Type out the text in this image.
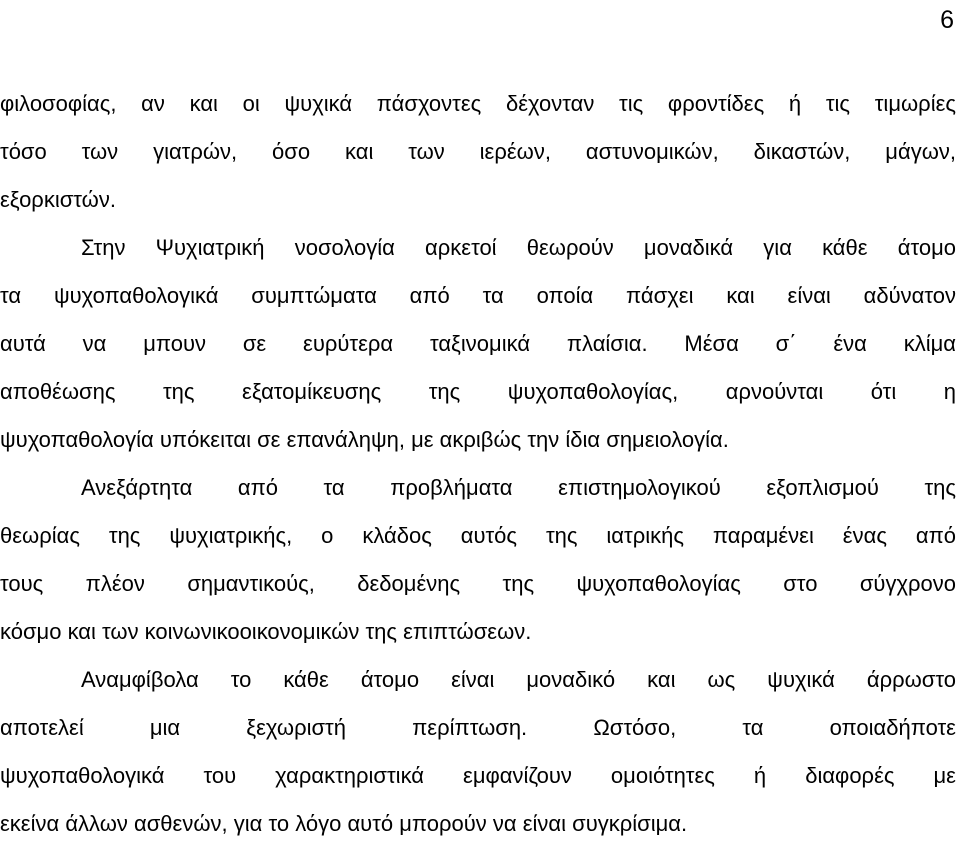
6
φιλοσοφίας, αν και οι ψυχικά πάσχοντες δέχονταν τις φροντίδες ή τις τιμωρίες
τόσο των γιατρών, όσο και των ιερέων, αστυνομικών, δικαστών, μάγων,
εξορκιστών.
Στην Ψυχιατρική νοσολογία αρκετοί θεωρούν μοναδικά για κάθε άτομο
τα ψυχοπαθολογικά συμπτώματα από τα οποία πάσχει και είναι αδύνατον
αυτά να μπουν σε ευρύτερα ταξινομικά πλαίσια. Μέσα σ΄ ένα κλίμα
αποθέωσης της εξατομίκευσης της ψυχοπαθολογίας, αρνούνται ότι η
ψυχοπαθολογία υπόκειται σε επανάληψη, με ακριβώς την ίδια σημειολογία.
Ανεξάρτητα από τα προβλήματα επιστημολογικού εξοπλισμού της
θεωρίας της ψυχιατρικής, ο κλάδος αυτός της ιατρικής παραμένει ένας από
τους πλέον σημαντικούς, δεδομένης της ψυχοπαθολογίας στο σύγχρονο
κόσμο και των κοινωνικοοικονομικών της επιπτώσεων.
Αναμφίβολα το κάθε άτομο είναι μοναδικό και ως ψυχικά άρρωστο
αποτελεί μια ξεχωριστή περίπτωση. Ωστόσο, τα οποιαδήποτε
ψυχοπαθολογικά του χαρακτηριστικά εμφανίζουν ομοιότητες ή διαφορές με
εκείνα άλλων ασθενών, για το λόγο αυτό μπορούν να είναι συγκρίσιμα.
